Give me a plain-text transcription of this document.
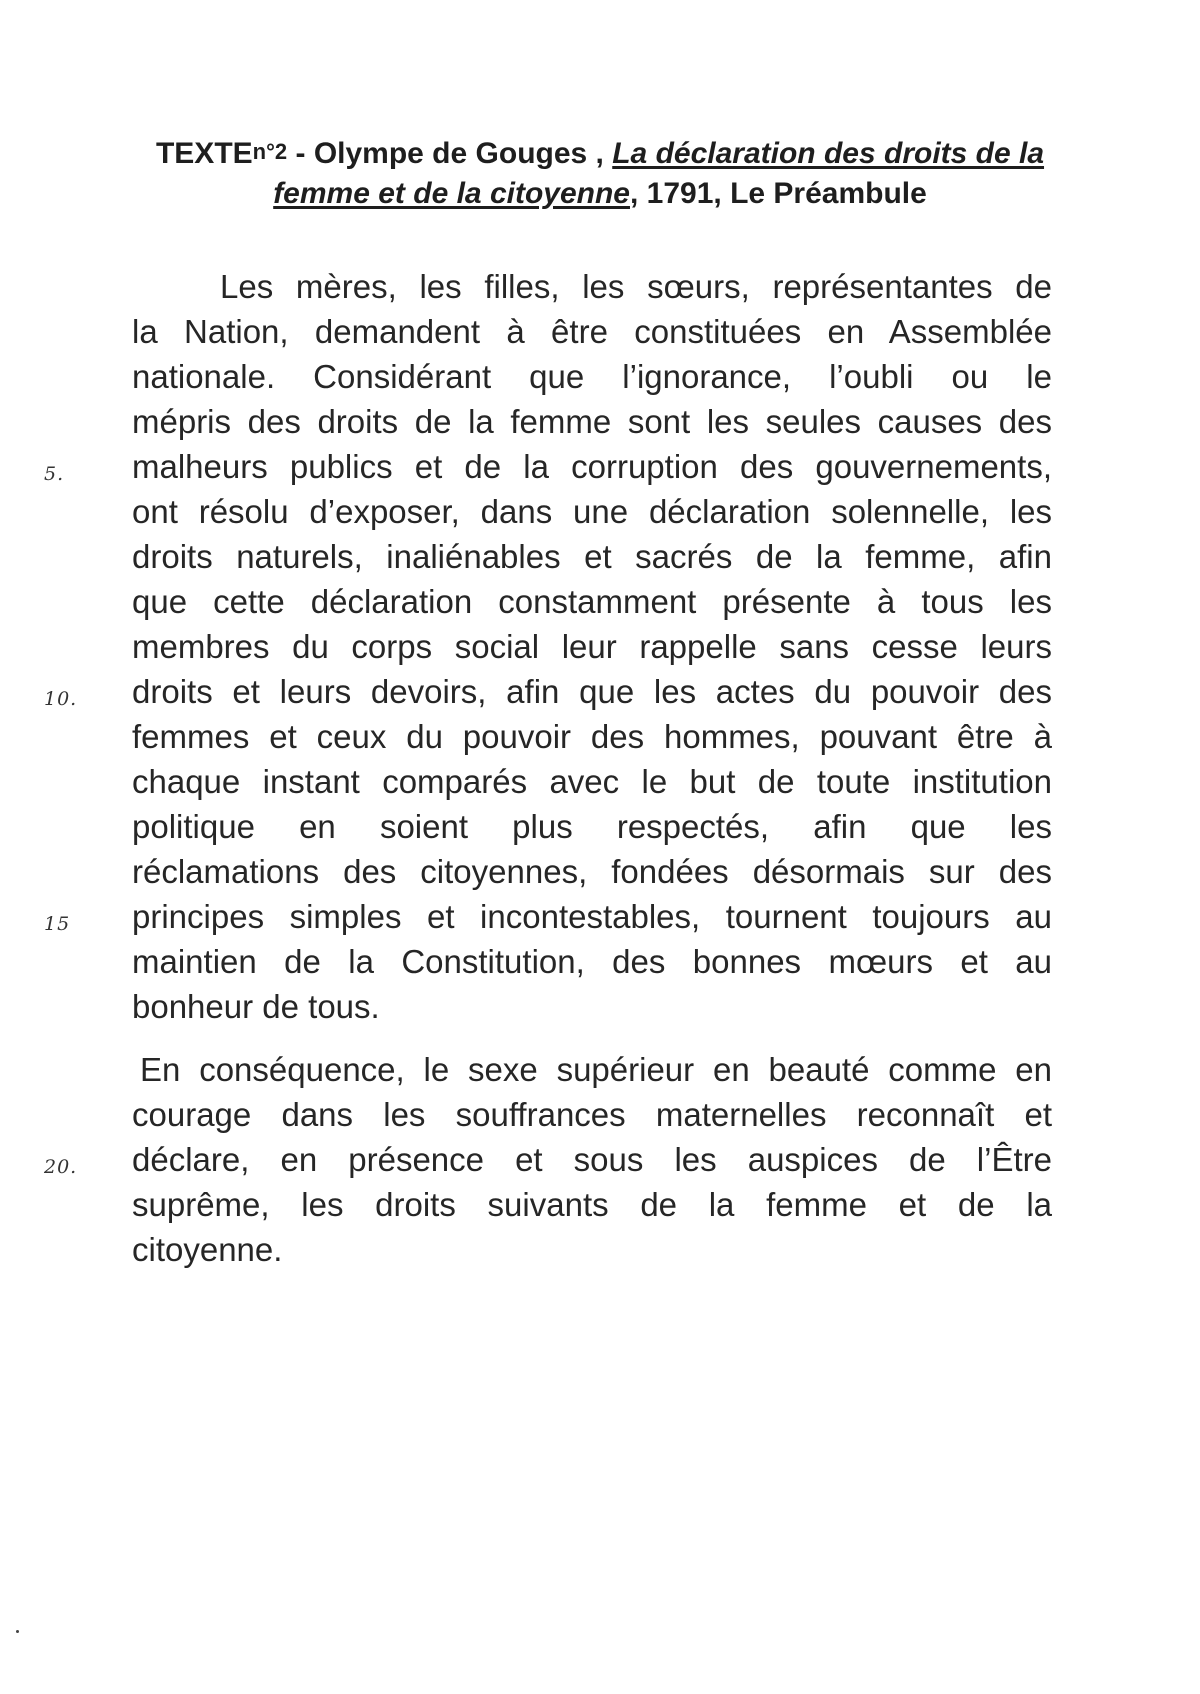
TEXTEn°2 - Olympe de Gouges , La déclaration des droits de la femme et de la citoyenne, 1791, Le Préambule
Les mères, les filles, les sœurs, représentantes de
la Nation, demandent à être constituées en Assemblée
nationale. Considérant que l’ignorance, l’oubli ou le
mépris des droits de la femme sont les seules causes des
malheurs publics et de la corruption des gouvernements,
ont résolu d’exposer, dans une déclaration solennelle, les
droits naturels, inaliénables et sacrés de la femme, afin
que cette déclaration constamment présente à tous les
membres du corps social leur rappelle sans cesse leurs
droits et leurs devoirs, afin que les actes du pouvoir des
femmes et ceux du pouvoir des hommes, pouvant être à
chaque instant comparés avec le but de toute institution
politique en soient plus respectés, afin que les
réclamations des citoyennes, fondées désormais sur des
principes simples et incontestables, tournent toujours au
maintien de la Constitution, des bonnes mœurs et au
bonheur de tous.
En conséquence, le sexe supérieur en beauté comme en
courage dans les souffrances maternelles reconnaît et
déclare, en présence et sous les auspices de l’Être
suprême, les droits suivants de la femme et de la
citoyenne.
5.
10.
15
20.
